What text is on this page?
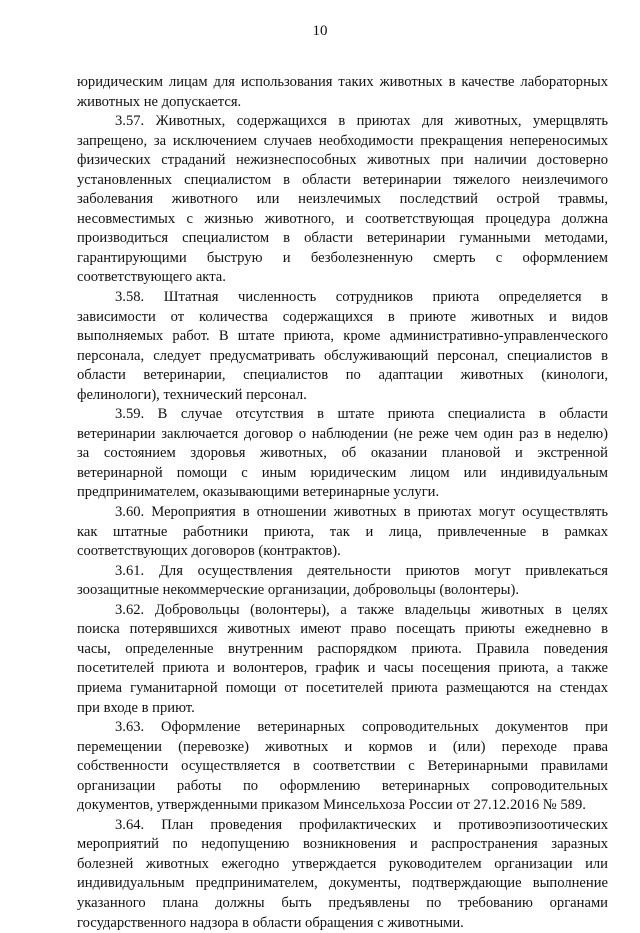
10
юридическим лицам для использования таких животных в качестве лабораторных
животных не допускается.
3.57. Животных, содержащихся в приютах для животных, умерщвлять
запрещено, за исключением случаев необходимости прекращения непереносимых
физических страданий нежизнеспособных животных при наличии достоверно
установленных специалистом в области ветеринарии тяжелого неизлечимого
заболевания животного или неизлечимых последствий острой травмы,
несовместимых с жизнью животного, и соответствующая процедура должна
производиться специалистом в области ветеринарии гуманными методами,
гарантирующими быструю и безболезненную смерть с оформлением
соответствующего акта.
3.58. Штатная численность сотрудников приюта определяется в
зависимости от количества содержащихся в приюте животных и видов
выполняемых работ. В штате приюта, кроме административно-управленческого
персонала, следует предусматривать обслуживающий персонал, специалистов в
области ветеринарии, специалистов по адаптации животных (кинологи,
фелинологи), технический персонал.
3.59. В случае отсутствия в штате приюта специалиста в области
ветеринарии заключается договор о наблюдении (не реже чем один раз в неделю)
за состоянием здоровья животных, об оказании плановой и экстренной
ветеринарной помощи с иным юридическим лицом или индивидуальным
предпринимателем, оказывающими ветеринарные услуги.
3.60. Мероприятия в отношении животных в приютах могут осуществлять
как штатные работники приюта, так и лица, привлеченные в рамках
соответствующих договоров (контрактов).
3.61. Для осуществления деятельности приютов могут привлекаться
зоозащитные некоммерческие организации, добровольцы (волонтеры).
3.62. Добровольцы (волонтеры), а также владельцы животных в целях
поиска потерявшихся животных имеют право посещать приюты ежедневно в
часы, определенные внутренним распорядком приюта. Правила поведения
посетителей приюта и волонтеров, график и часы посещения приюта, а также
приема гуманитарной помощи от посетителей приюта размещаются на стендах
при входе в приют.
3.63. Оформление ветеринарных сопроводительных документов при
перемещении (перевозке) животных и кормов и (или) переходе права
собственности осуществляется в соответствии с Ветеринарными правилами
организации работы по оформлению ветеринарных сопроводительных
документов, утвержденными приказом Минсельхоза России от 27.12.2016 № 589.
3.64. План проведения профилактических и противоэпизоотических
мероприятий по недопущению возникновения и распространения заразных
болезней животных ежегодно утверждается руководителем организации или
индивидуальным предпринимателем, документы, подтверждающие выполнение
указанного плана должны быть предъявлены по требованию органами
государственного надзора в области обращения с животными.
